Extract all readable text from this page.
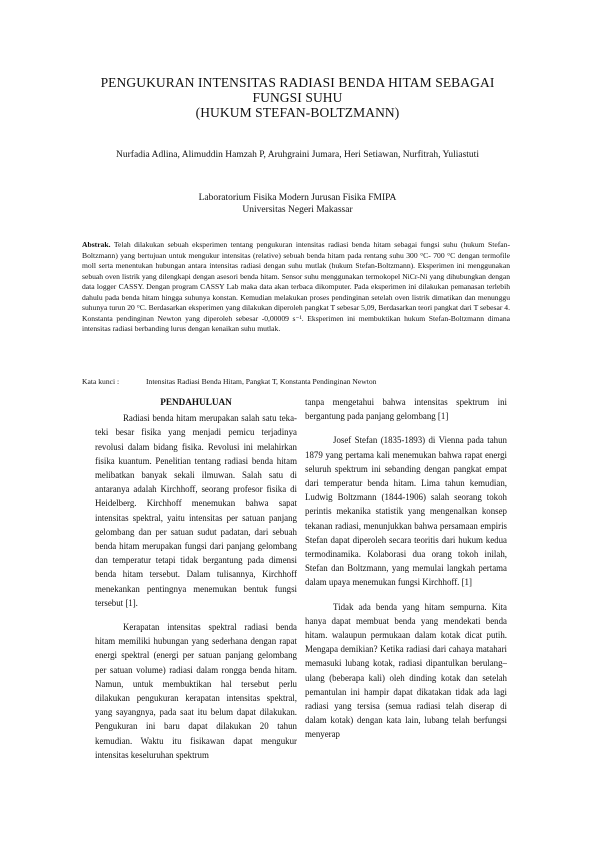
PENGUKURAN INTENSITAS RADIASI BENDA HITAM SEBAGAI
FUNGSI SUHU
(HUKUM STEFAN-BOLTZMANN)
Nurfadia Adlina, Alimuddin Hamzah P, Aruhgraini Jumara, Heri Setiawan, Nurfitrah, Yuliastuti
Laboratorium Fisika Modern Jurusan Fisika FMIPA
Universitas Negeri Makassar
Abstrak. Telah dilakukan sebuah eksperimen tentang pengukuran intensitas radiasi benda hitam sebagai fungsi suhu (hukum Stefan-Boltzmann) yang bertujuan untuk mengukur intensitas (relative) sebuah benda hitam pada rentang suhu 300 °C- 700 °C dengan termofile moll serta menentukan hubungan antara intensitas radiasi dengan suhu mutlak (hukum Stefan-Boltzmann). Eksperimen ini menggunakan sebuah oven listrik yang dilengkapi dengan asesori benda hitam. Sensor suhu menggunakan termokopel NiCr-Ni yang dihubungkan dengan data logger CASSY. Dengan program CASSY Lab maka data akan terbaca dikomputer. Pada eksperimen ini dilakukan pemanasan terlebih dahulu pada benda hitam hingga suhunya konstan. Kemudian melakukan proses pendinginan setelah oven listrik dimatikan dan menunggu suhunya turun 20 °C. Berdasarkan eksperimen yang dilakukan diperoleh pangkat T sebesar 5,09, Berdasarkan teori pangkat dari T sebesar 4. Konstanta pendinginan Newton yang diperoleh sebesar -0,00009 s⁻¹. Eksperimen ini membuktikan hukum Stefan-Boltzmann dimana intensitas radiasi berbanding lurus dengan kenaikan suhu mutlak.
Kata kunci :	Intensitas Radiasi Benda Hitam, Pangkat T, Konstanta Pendinginan Newton
PENDAHULUAN

Radiasi benda hitam merupakan salah satu teka-teki besar fisika yang menjadi pemicu terjadinya revolusi dalam bidang fisika. Revolusi ini melahirkan fisika kuantum. Penelitian tentang radiasi benda hitam melibatkan banyak sekali ilmuwan. Salah satu di antaranya adalah Kirchhoff, seorang profesor fisika di Heidelberg. Kirchhoff menemukan bahwa sapat intensitas spektral, yaitu intensitas per satuan panjang gelombang dan per satuan sudut padatan, dari sebuah benda hitam merupakan fungsi dari panjang gelombang dan temperatur tetapi tidak bergantung pada dimensi benda hitam tersebut. Dalam tulisannya, Kirchhoff menekankan pentingnya menemukan bentuk fungsi tersebut [1].

Kerapatan intensitas spektral radiasi benda hitam memiliki hubungan yang sederhana dengan rapat energi spektral (energi per satuan panjang gelombang per satuan volume) radiasi dalam rongga benda hitam. Namun, untuk membuktikan hal tersebut perlu dilakukan pengukuran kerapatan intensitas spektral, yang sayangnya, pada saat itu belum dapat dilakukan. Pengukuran ini baru dapat dilakukan 20 tahun kemudian. Waktu itu fisikawan dapat mengukur intensitas keseluruhan spektrum

tanpa mengetahui bahwa intensitas spektrum ini bergantung pada panjang gelombang [1]

Josef Stefan (1835-1893) di Vienna pada tahun 1879 yang pertama kali menemukan bahwa rapat energi seluruh spektrum ini sebanding dengan pangkat empat dari temperatur benda hitam. Lima tahun kemudian, Ludwig Boltzmann (1844-1906) salah seorang tokoh perintis mekanika statistik yang mengenalkan konsep tekanan radiasi, menunjukkan bahwa persamaan empiris Stefan dapat diperoleh secara teoritis dari hukum kedua termodinamika. Kolaborasi dua orang tokoh inilah, Stefan dan Boltzmann, yang memulai langkah pertama dalam upaya menemukan fungsi Kirchhoff. [1]

Tidak ada benda yang hitam sempurna. Kita hanya dapat membuat benda yang mendekati benda hitam. walaupun permukaan dalam kotak dicat putih. Mengapa demikian? Ketika radiasi dari cahaya matahari memasuki lubang kotak, radiasi dipantulkan berulang–ulang (beberapa kali) oleh dinding kotak dan setelah pemantulan ini hampir dapat dikatakan tidak ada lagi radiasi yang tersisa (semua radiasi telah diserap di dalam kotak) dengan kata lain, lubang telah berfungsi menyerap
